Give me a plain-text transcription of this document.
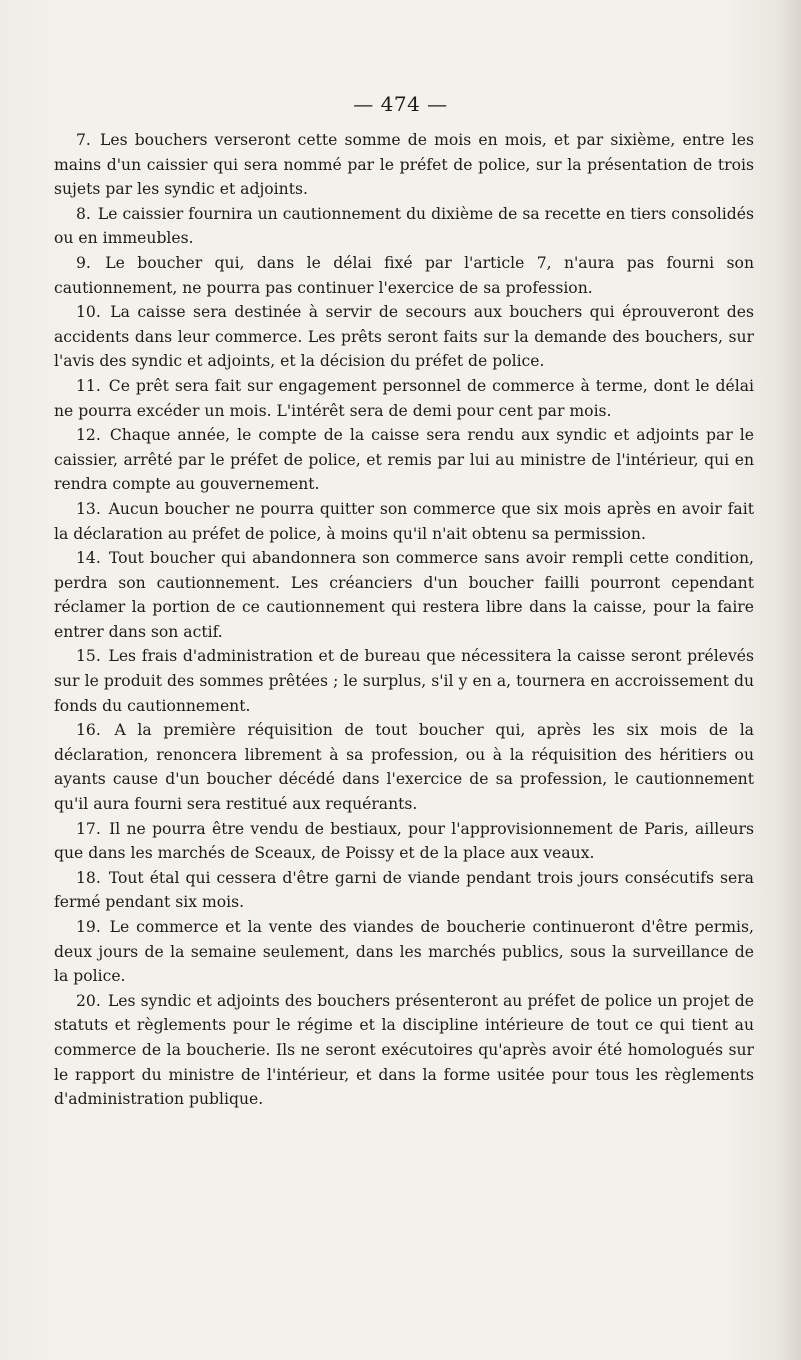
— 474 —

7. Les bouchers verseront cette somme de mois en mois, et par sixième, entre les mains d'un caissier qui sera nommé par le préfet de police, sur la présentation de trois sujets par les syndic et adjoints.

8. Le caissier fournira un cautionnement du dixième de sa recette en tiers consolidés ou en immeubles.

9. Le boucher qui, dans le délai fixé par l'article 7, n'aura pas fourni son cautionnement, ne pourra pas continuer l'exercice de sa profession.

10. La caisse sera destinée à servir de secours aux bouchers qui éprouveront des accidents dans leur commerce. Les prêts seront faits sur la demande des bouchers, sur l'avis des syndic et adjoints, et la décision du préfet de police.

11. Ce prêt sera fait sur engagement personnel de commerce à terme, dont le délai ne pourra excéder un mois. L'intérêt sera de demi pour cent par mois.

12. Chaque année, le compte de la caisse sera rendu aux syndic et adjoints par le caissier, arrêté par le préfet de police, et remis par lui au ministre de l'intérieur, qui en rendra compte au gouvernement.

13. Aucun boucher ne pourra quitter son commerce que six mois après en avoir fait la déclaration au préfet de police, à moins qu'il n'ait obtenu sa permission.

14. Tout boucher qui abandonnera son commerce sans avoir rempli cette condition, perdra son cautionnement. Les créanciers d'un boucher failli pourront cependant réclamer la portion de ce cautionnement qui restera libre dans la caisse, pour la faire entrer dans son actif.

15. Les frais d'administration et de bureau que nécessitera la caisse seront prélevés sur le produit des sommes prêtées ; le surplus, s'il y en a, tournera en accroissement du fonds du cautionnement.

16. A la première réquisition de tout boucher qui, après les six mois de la déclaration, renoncera librement à sa profession, ou à la réquisition des héritiers ou ayants cause d'un boucher décédé dans l'exercice de sa profession, le cautionnement qu'il aura fourni sera restitué aux requérants.

17. Il ne pourra être vendu de bestiaux, pour l'approvisionnement de Paris, ailleurs que dans les marchés de Sceaux, de Poissy et de la place aux veaux.

18. Tout étal qui cessera d'être garni de viande pendant trois jours consécutifs sera fermé pendant six mois.

19. Le commerce et la vente des viandes de boucherie continueront d'être permis, deux jours de la semaine seulement, dans les marchés publics, sous la surveillance de la police.

20. Les syndic et adjoints des bouchers présenteront au préfet de police un projet de statuts et règlements pour le régime et la discipline intérieure de tout ce qui tient au commerce de la boucherie. Ils ne seront exécutoires qu'après avoir été homologués sur le rapport du ministre de l'intérieur, et dans la forme usitée pour tous les règlements d'administration publique.
